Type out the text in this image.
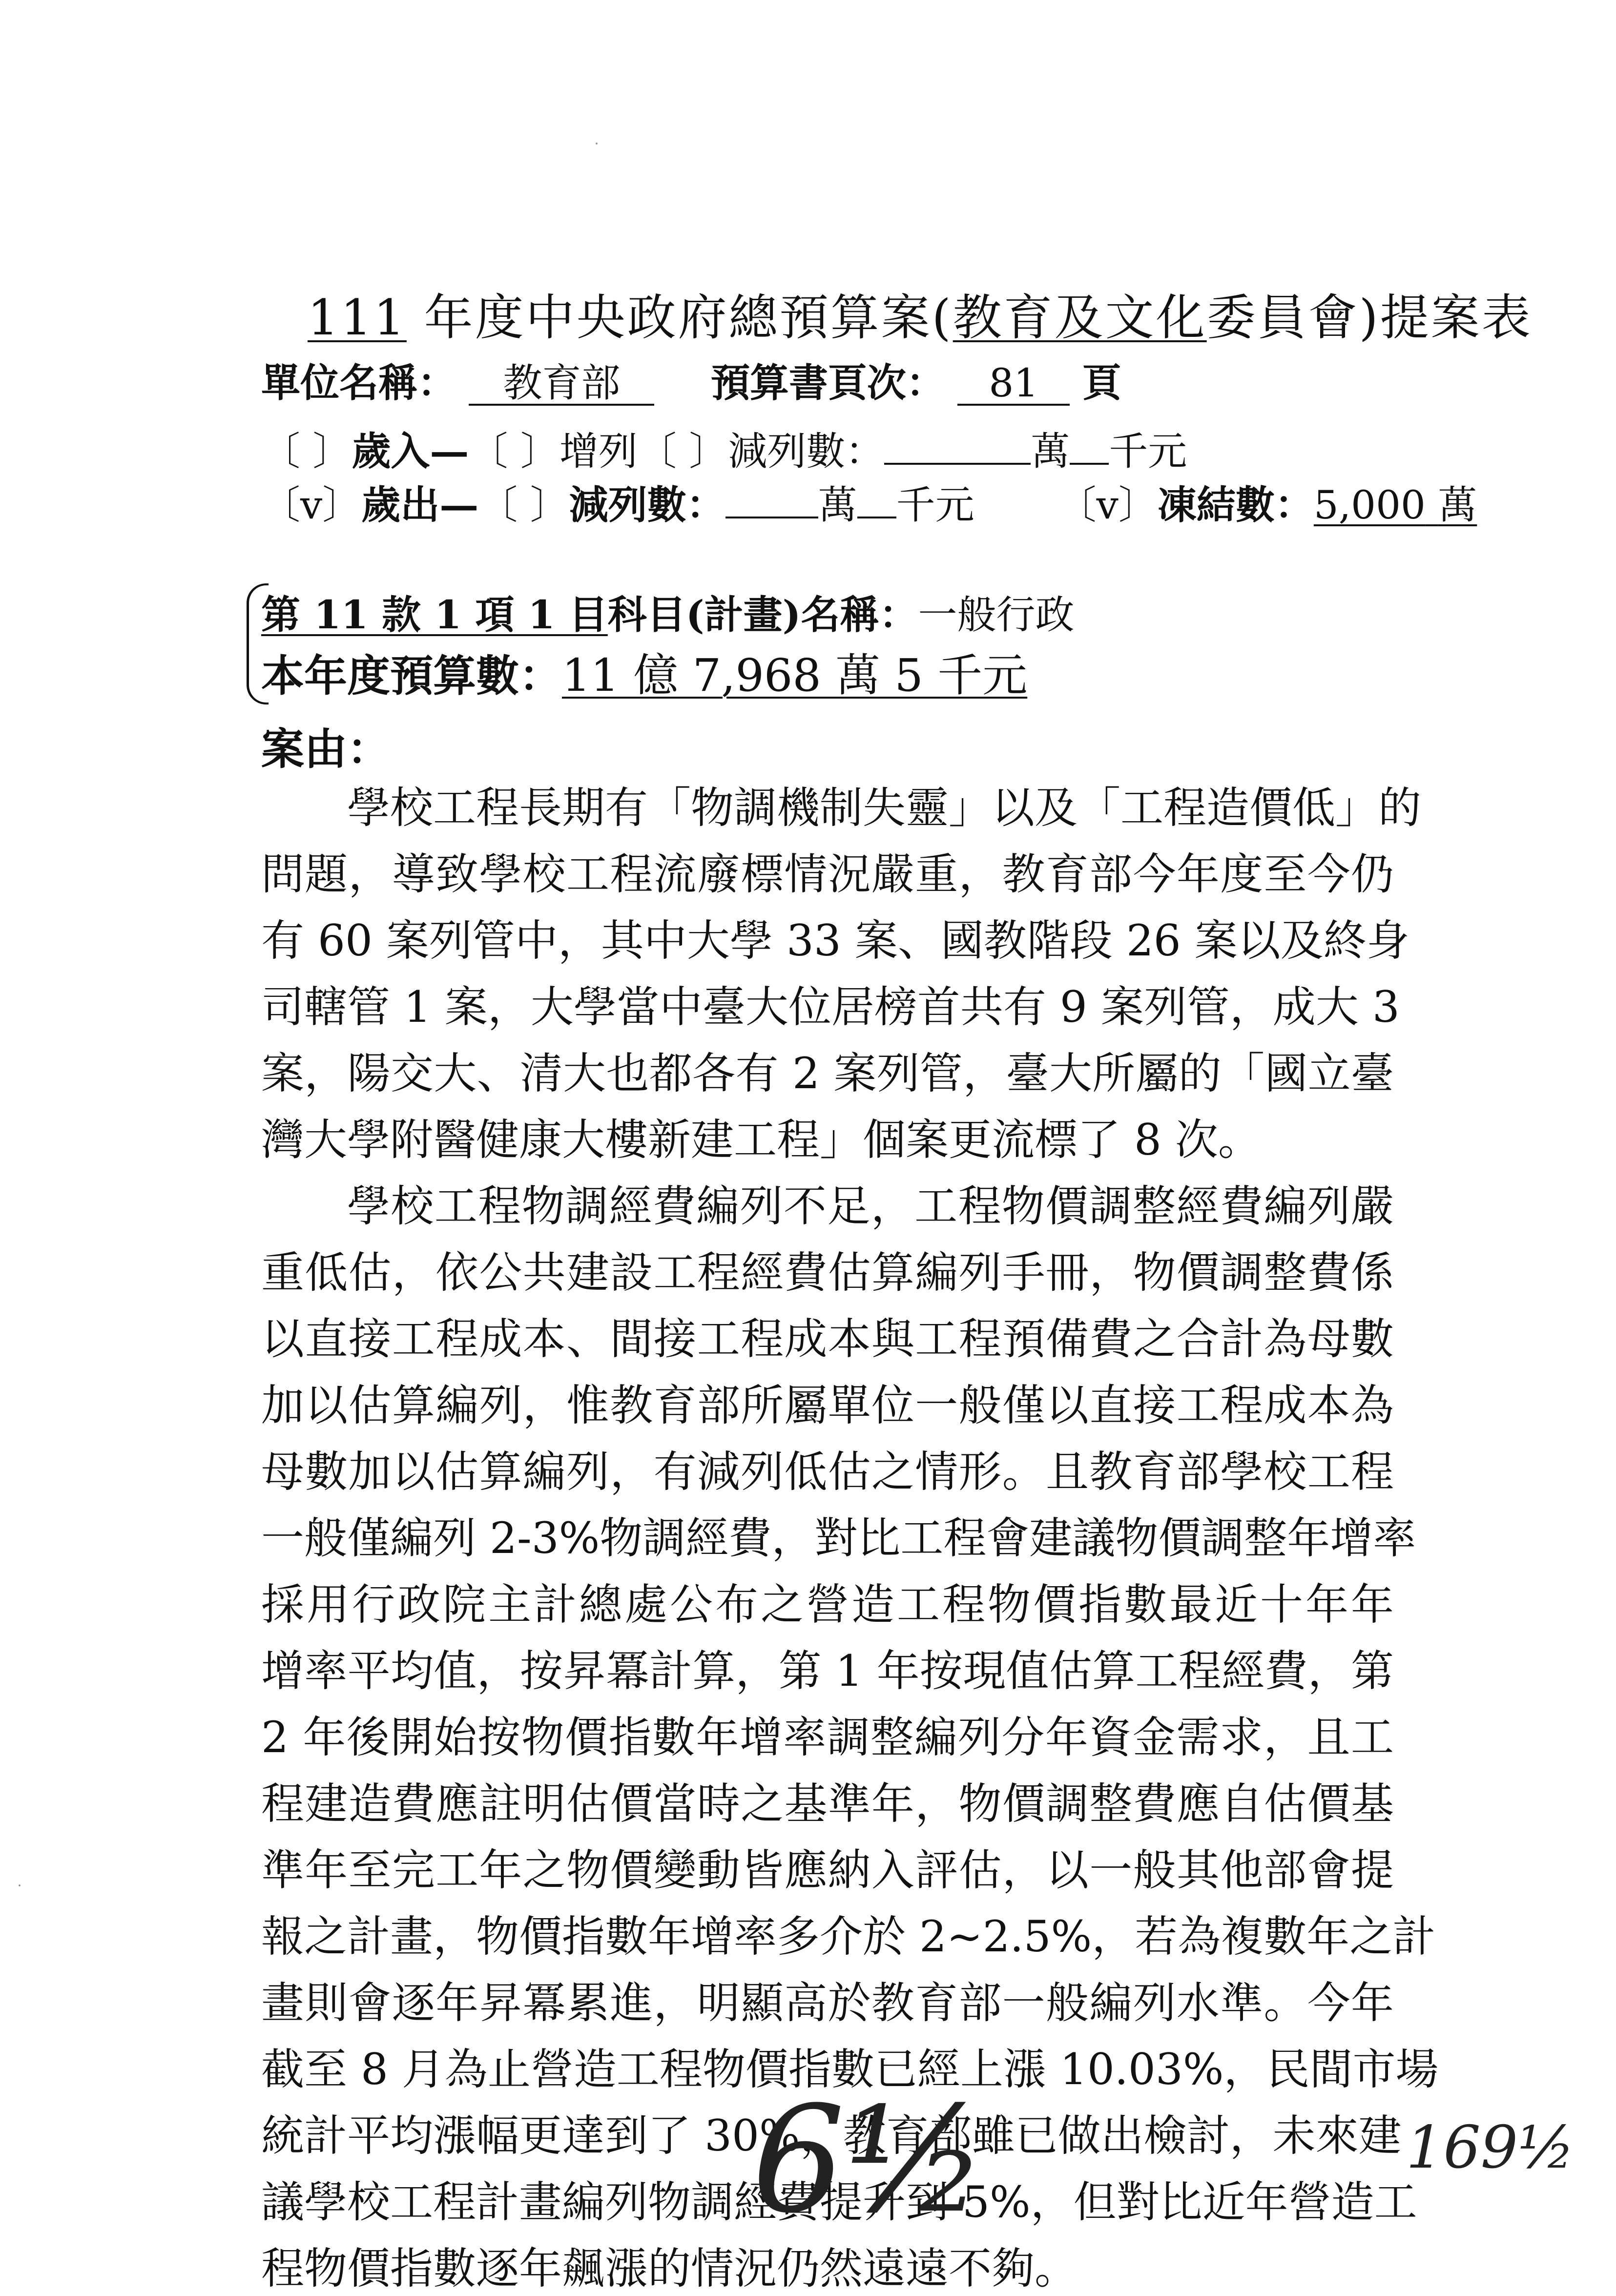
111 年度中央政府總預算案(教育及文化委員會)提案表
單位名稱： 教育部 預算書頁次： 81 頁
〔 〕歲入—〔 〕增列〔 〕減列數：	萬 千元
〔v〕歲出—〔 〕減列數： 萬 千元 〔v〕凍結數：5,000 萬
第 11 款 1 項 1 目科目(計畫)名稱：一般行政
本年度預算數：11 億 7,968 萬 5 千元
案由：
學校工程長期有「物調機制失靈」以及「工程造價低」的
問題，導致學校工程流廢標情況嚴重，教育部今年度至今仍
有 60 案列管中，其中大學 33 案、國教階段 26 案以及終身
司轄管 1 案，大學當中臺大位居榜首共有 9 案列管，成大 3
案，陽交大、清大也都各有 2 案列管，臺大所屬的「國立臺
灣大學附醫健康大樓新建工程」個案更流標了 8 次。
學校工程物調經費編列不足，工程物價調整經費編列嚴
重低估，依公共建設工程經費估算編列手冊，物價調整費係
以直接工程成本、間接工程成本與工程預備費之合計為母數
加以估算編列，惟教育部所屬單位一般僅以直接工程成本為
母數加以估算編列，有減列低估之情形。且教育部學校工程
一般僅編列 2-3%物調經費，對比工程會建議物價調整年增率
採用行政院主計總處公布之營造工程物價指數最近十年年
增率平均值，按昇冪計算，第 1 年按現值估算工程經費，第
2 年後開始按物價指數年增率調整編列分年資金需求，且工
程建造費應註明估價當時之基準年，物價調整費應自估價基
準年至完工年之物價變動皆應納入評估，以一般其他部會提
報之計畫，物價指數年增率多介於 2~2.5%，若為複數年之計
畫則會逐年昇冪累進，明顯高於教育部一般編列水準。今年
截至 8 月為止營造工程物價指數已經上漲 10.03%，民間市場
統計平均漲幅更達到了 30%，教育部雖已做出檢討，未來建
議學校工程計畫編列物調經費提升到 5%，但對比近年營造工
程物價指數逐年飆漲的情況仍然遠遠不夠。
6½	169½
